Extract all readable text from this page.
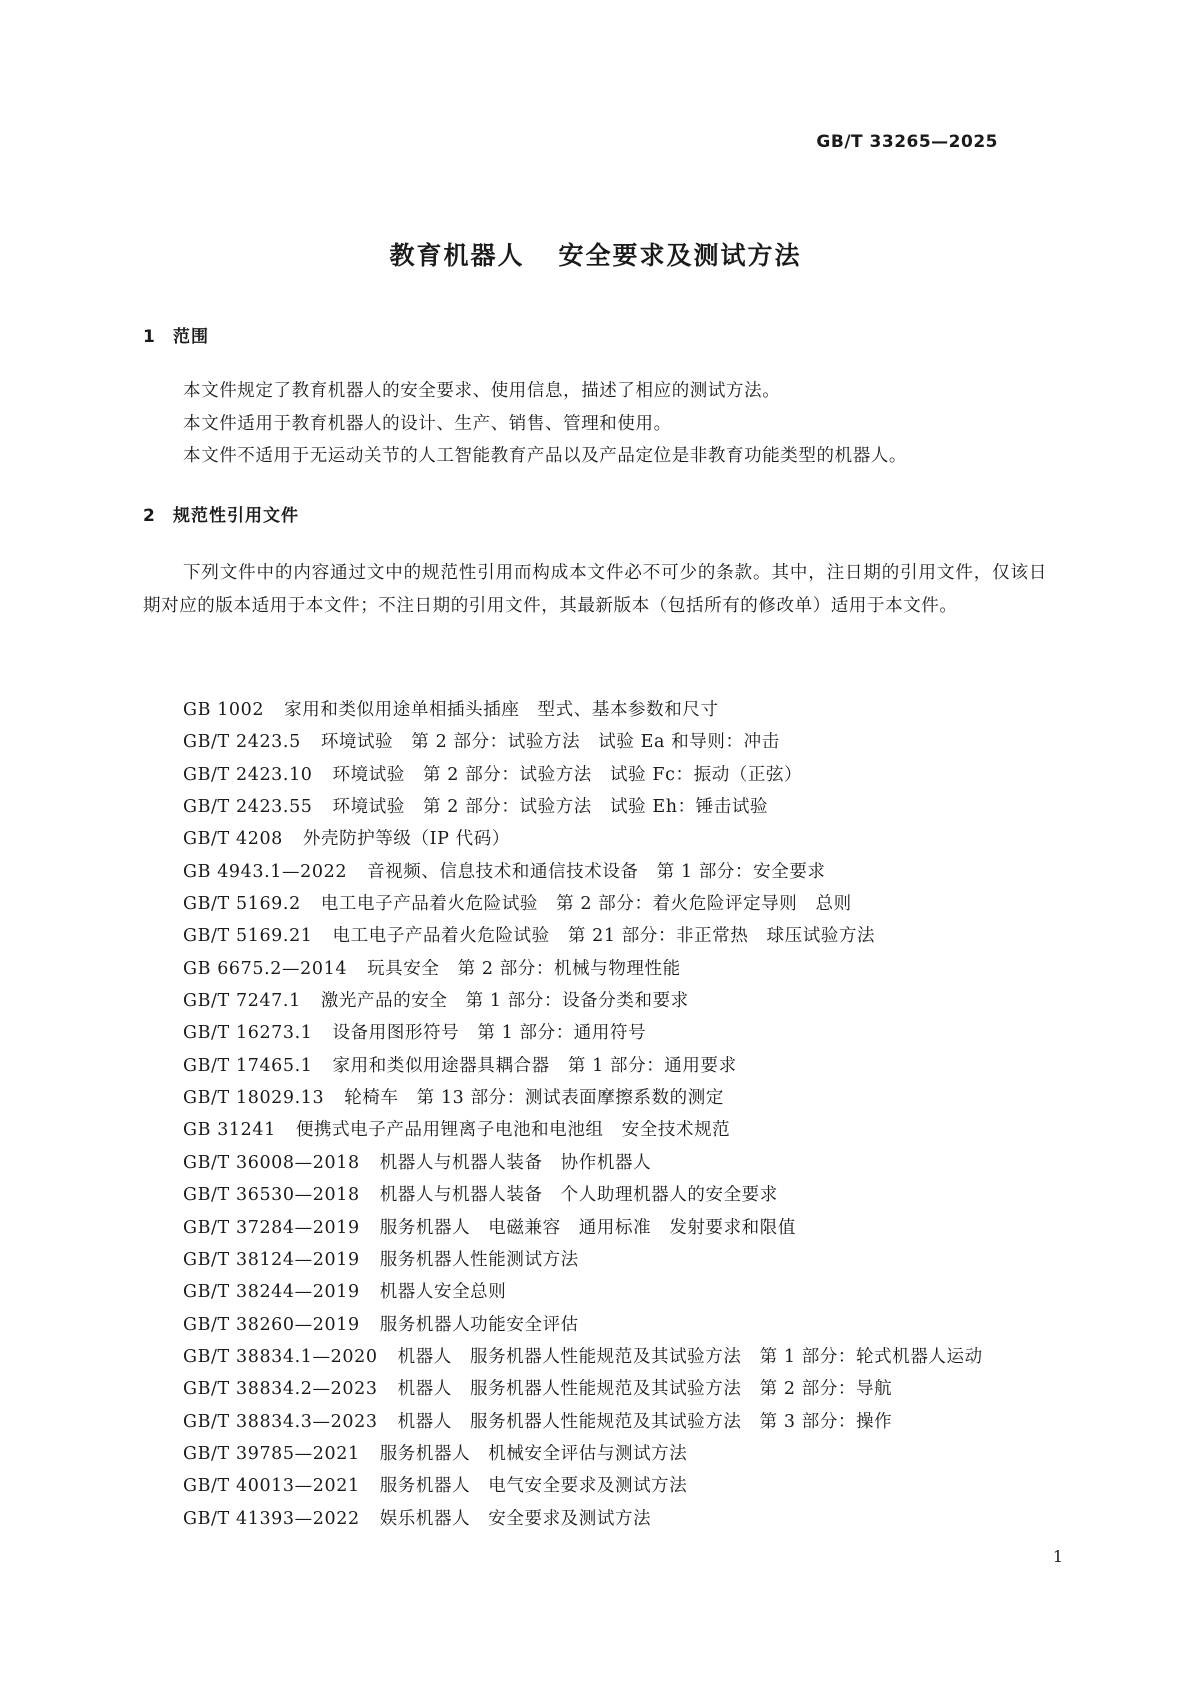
GB/T 33265—2025
教育机器人 安全要求及测试方法
1 范围

本文件规定了教育机器人的安全要求、使用信息，描述了相应的测试方法。

本文件适用于教育机器人的设计、生产、销售、管理和使用。

本文件不适用于无运动关节的人工智能教育产品以及产品定位是非教育功能类型的机器人。

2 规范性引用文件

下列文件中的内容通过文中的规范性引用而构成本文件必不可少的条款。其中，注日期的引用文件，仅该日期对应的版本适用于本文件；不注日期的引用文件，其最新版本（包括所有的修改单）适用于本文件。

GB 1002 家用和类似用途单相插头插座　型式、基本参数和尺寸
GB/T 2423.5 环境试验　第 2 部分：试验方法　试验 Ea 和导则：冲击
GB/T 2423.10 环境试验　第 2 部分：试验方法　试验 Fc：振动（正弦）
GB/T 2423.55 环境试验　第 2 部分：试验方法　试验 Eh：锤击试验
GB/T 4208 外壳防护等级（IP 代码）
GB 4943.1—2022 音视频、信息技术和通信技术设备　第 1 部分：安全要求
GB/T 5169.2 电工电子产品着火危险试验　第 2 部分：着火危险评定导则　总则
GB/T 5169.21 电工电子产品着火危险试验　第 21 部分：非正常热　球压试验方法
GB 6675.2—2014 玩具安全　第 2 部分：机械与物理性能
GB/T 7247.1 激光产品的安全　第 1 部分：设备分类和要求
GB/T 16273.1 设备用图形符号　第 1 部分：通用符号
GB/T 17465.1 家用和类似用途器具耦合器　第 1 部分：通用要求
GB/T 18029.13 轮椅车　第 13 部分：测试表面摩擦系数的测定
GB 31241 便携式电子产品用锂离子电池和电池组　安全技术规范
GB/T 36008—2018 机器人与机器人装备　协作机器人
GB/T 36530—2018 机器人与机器人装备　个人助理机器人的安全要求
GB/T 37284—2019 服务机器人　电磁兼容　通用标准　发射要求和限值
GB/T 38124—2019 服务机器人性能测试方法
GB/T 38244—2019 机器人安全总则
GB/T 38260—2019 服务机器人功能安全评估
GB/T 38834.1—2020 机器人　服务机器人性能规范及其试验方法　第 1 部分：轮式机器人运动
GB/T 38834.2—2023 机器人　服务机器人性能规范及其试验方法　第 2 部分：导航
GB/T 38834.3—2023 机器人　服务机器人性能规范及其试验方法　第 3 部分：操作
GB/T 39785—2021 服务机器人　机械安全评估与测试方法
GB/T 40013—2021 服务机器人　电气安全要求及测试方法
GB/T 41393—2022 娱乐机器人　安全要求及测试方法
1
